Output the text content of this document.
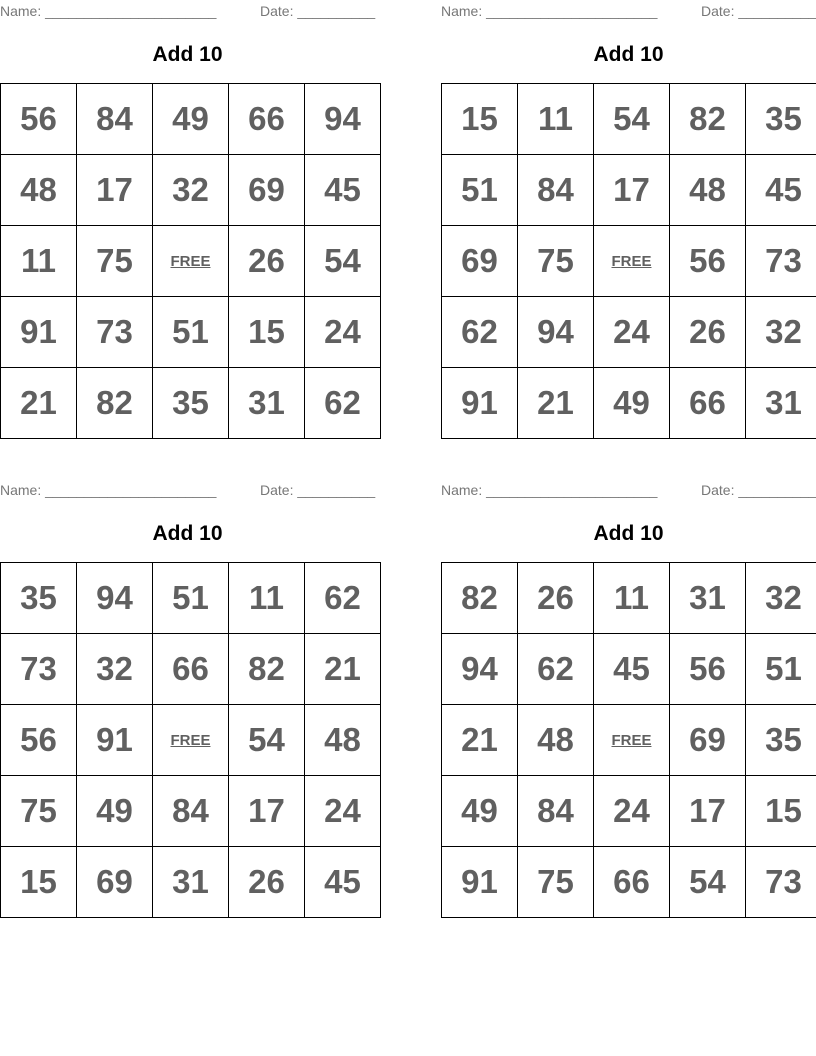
Name: ______________________	Date: __________
Add 10
56	84	49	66	94
48	17	32	69	45
11	75	FREE	26	54
91	73	51	15	24
21	82	35	31	62
Name: ______________________	Date: __________
Add 10
15	11	54	82	35
51	84	17	48	45
69	75	FREE	56	73
62	94	24	26	32
91	21	49	66	31
Name: ______________________	Date: __________
Add 10
35	94	51	11	62
73	32	66	82	21
56	91	FREE	54	48
75	49	84	17	24
15	69	31	26	45
Name: ______________________	Date: __________
Add 10
82	26	11	31	32
94	62	45	56	51
21	48	FREE	69	35
49	84	24	17	15
91	75	66	54	73
